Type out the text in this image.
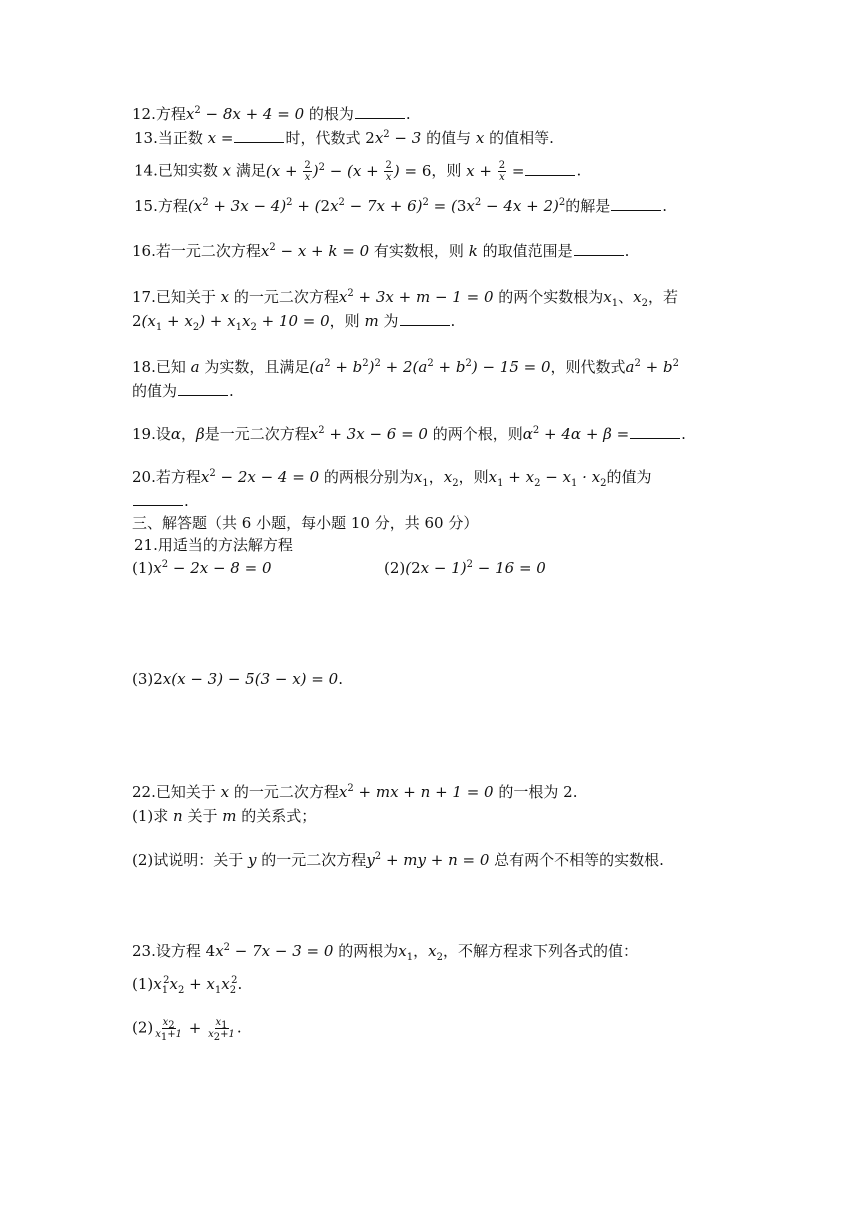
12.方程$x^2 - 8x + 4 = 0$ 的根为	.
13.当正数 x =	时，代数式 $2x^2 - 3$ 的值与 x 的值相等.
14.已知实数 x 满足$(x + \frac{2}{x} )^2 - (x + \frac{2}{x}$ ) = 6，则 $x + \frac{2}{x}$ =	.
15.方程$(x^2 + 3x - 4)^2 + (2x^2 - 7x + 6)^2 = (3x^2 - 4x + 2)^2$的解是	.
16.若一元二次方程$x^2 - x + k = 0$ 有实数根，则 k 的取值范围是	.
17.已知关于 x 的一元二次方程$x^2 + 3x + m - 1 = 0$ 的两个实数根为$x_1$、$x_2$，若
$2(x_1 + x_2) + x_1x_2 + 10 = 0$，则 m 为	.
18.已知 a 为实数，且满足$(a^2 + b^2)^2 + 2(a^2 + b^2) - 15 = 0$，则代数式$a^2 + b^2$
的值为	.
19.设α，β是一元二次方程$x^2 + 3x - 6 = 0$ 的两个根，则$\alpha^2 + 4\alpha + \beta$ =	.
20.若方程$x^2 - 2x - 4 = 0$ 的两根分别为$x_1$，$x_2$，则$x_1 + x_2 - x_1 \cdot x_2$的值为
.
三、解答题（共 6 小题，每小题 10 分，共 60 分）
21.用适当的方法解方程
$(1)x^2 - 2x - 8 = 0$	$(2)(2x - 1)^2 - 16 = 0$
(3)2x(x − 3) − 5(3 − x) = 0.
22.已知关于 x 的一元二次方程$x^2$ + mx + n + 1 = 0 的一根为 2.
(1)求 n 关于 m 的关系式；
(2)试说明：关于 y 的一元二次方程$y^2$ + my + n = 0 总有两个不相等的实数根.
23.设方程 $4x^2 - 7x - 3 = 0$ 的两根为$x_1$，$x_2$，不解方程求下列各式的值：
$(1)x_1^2x_2 + x_1x_2^2$.
$(2) \frac{x_2}{x_1+1} + \frac{x_1}{x_2+1}$ .
